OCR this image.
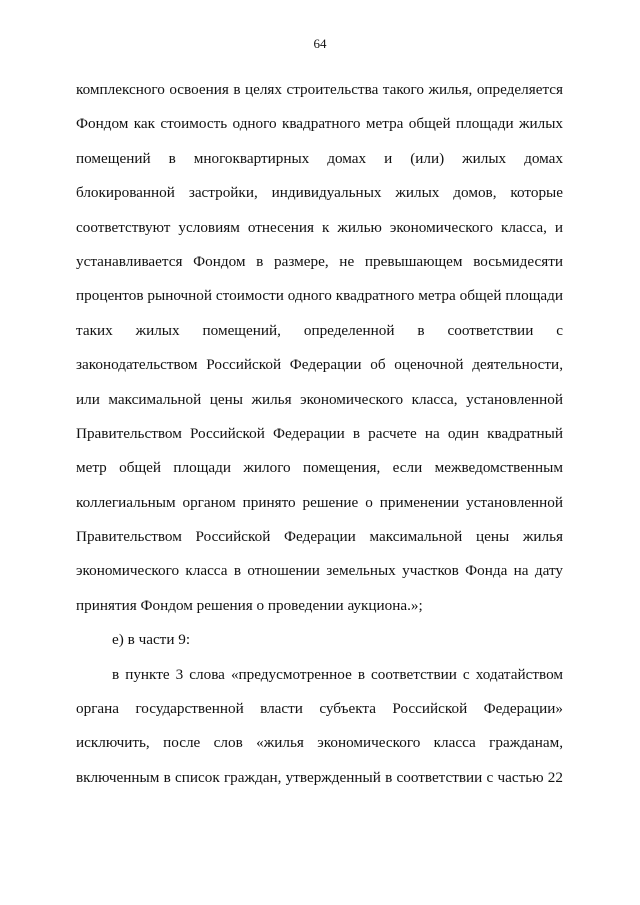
64
комплексного освоения в целях строительства такого жилья, определяется
Фондом как стоимость одного квадратного метра общей площади жилых
помещений в многоквартирных домах и (или) жилых домах
блокированной застройки, индивидуальных жилых домов, которые
соответствуют условиям отнесения к жилью экономического класса, и
устанавливается Фондом в размере, не превышающем восьмидесяти
процентов рыночной стоимости одного квадратного метра общей площади
таких жилых помещений, определенной в соответствии с
законодательством Российской Федерации об оценочной деятельности,
или максимальной цены жилья экономического класса, установленной
Правительством Российской Федерации в расчете на один квадратный
метр общей площади жилого помещения, если межведомственным
коллегиальным органом принято решение о применении установленной
Правительством Российской Федерации максимальной цены жилья
экономического класса в отношении земельных участков Фонда на дату
принятия Фондом решения о проведении аукциона.»;
е) в части 9:
в пункте 3 слова «предусмотренное в соответствии с ходатайством
органа государственной власти субъекта Российской Федерации»
исключить, после слов «жилья экономического класса гражданам,
включенным в список граждан, утвержденный в соответствии с частью 22
